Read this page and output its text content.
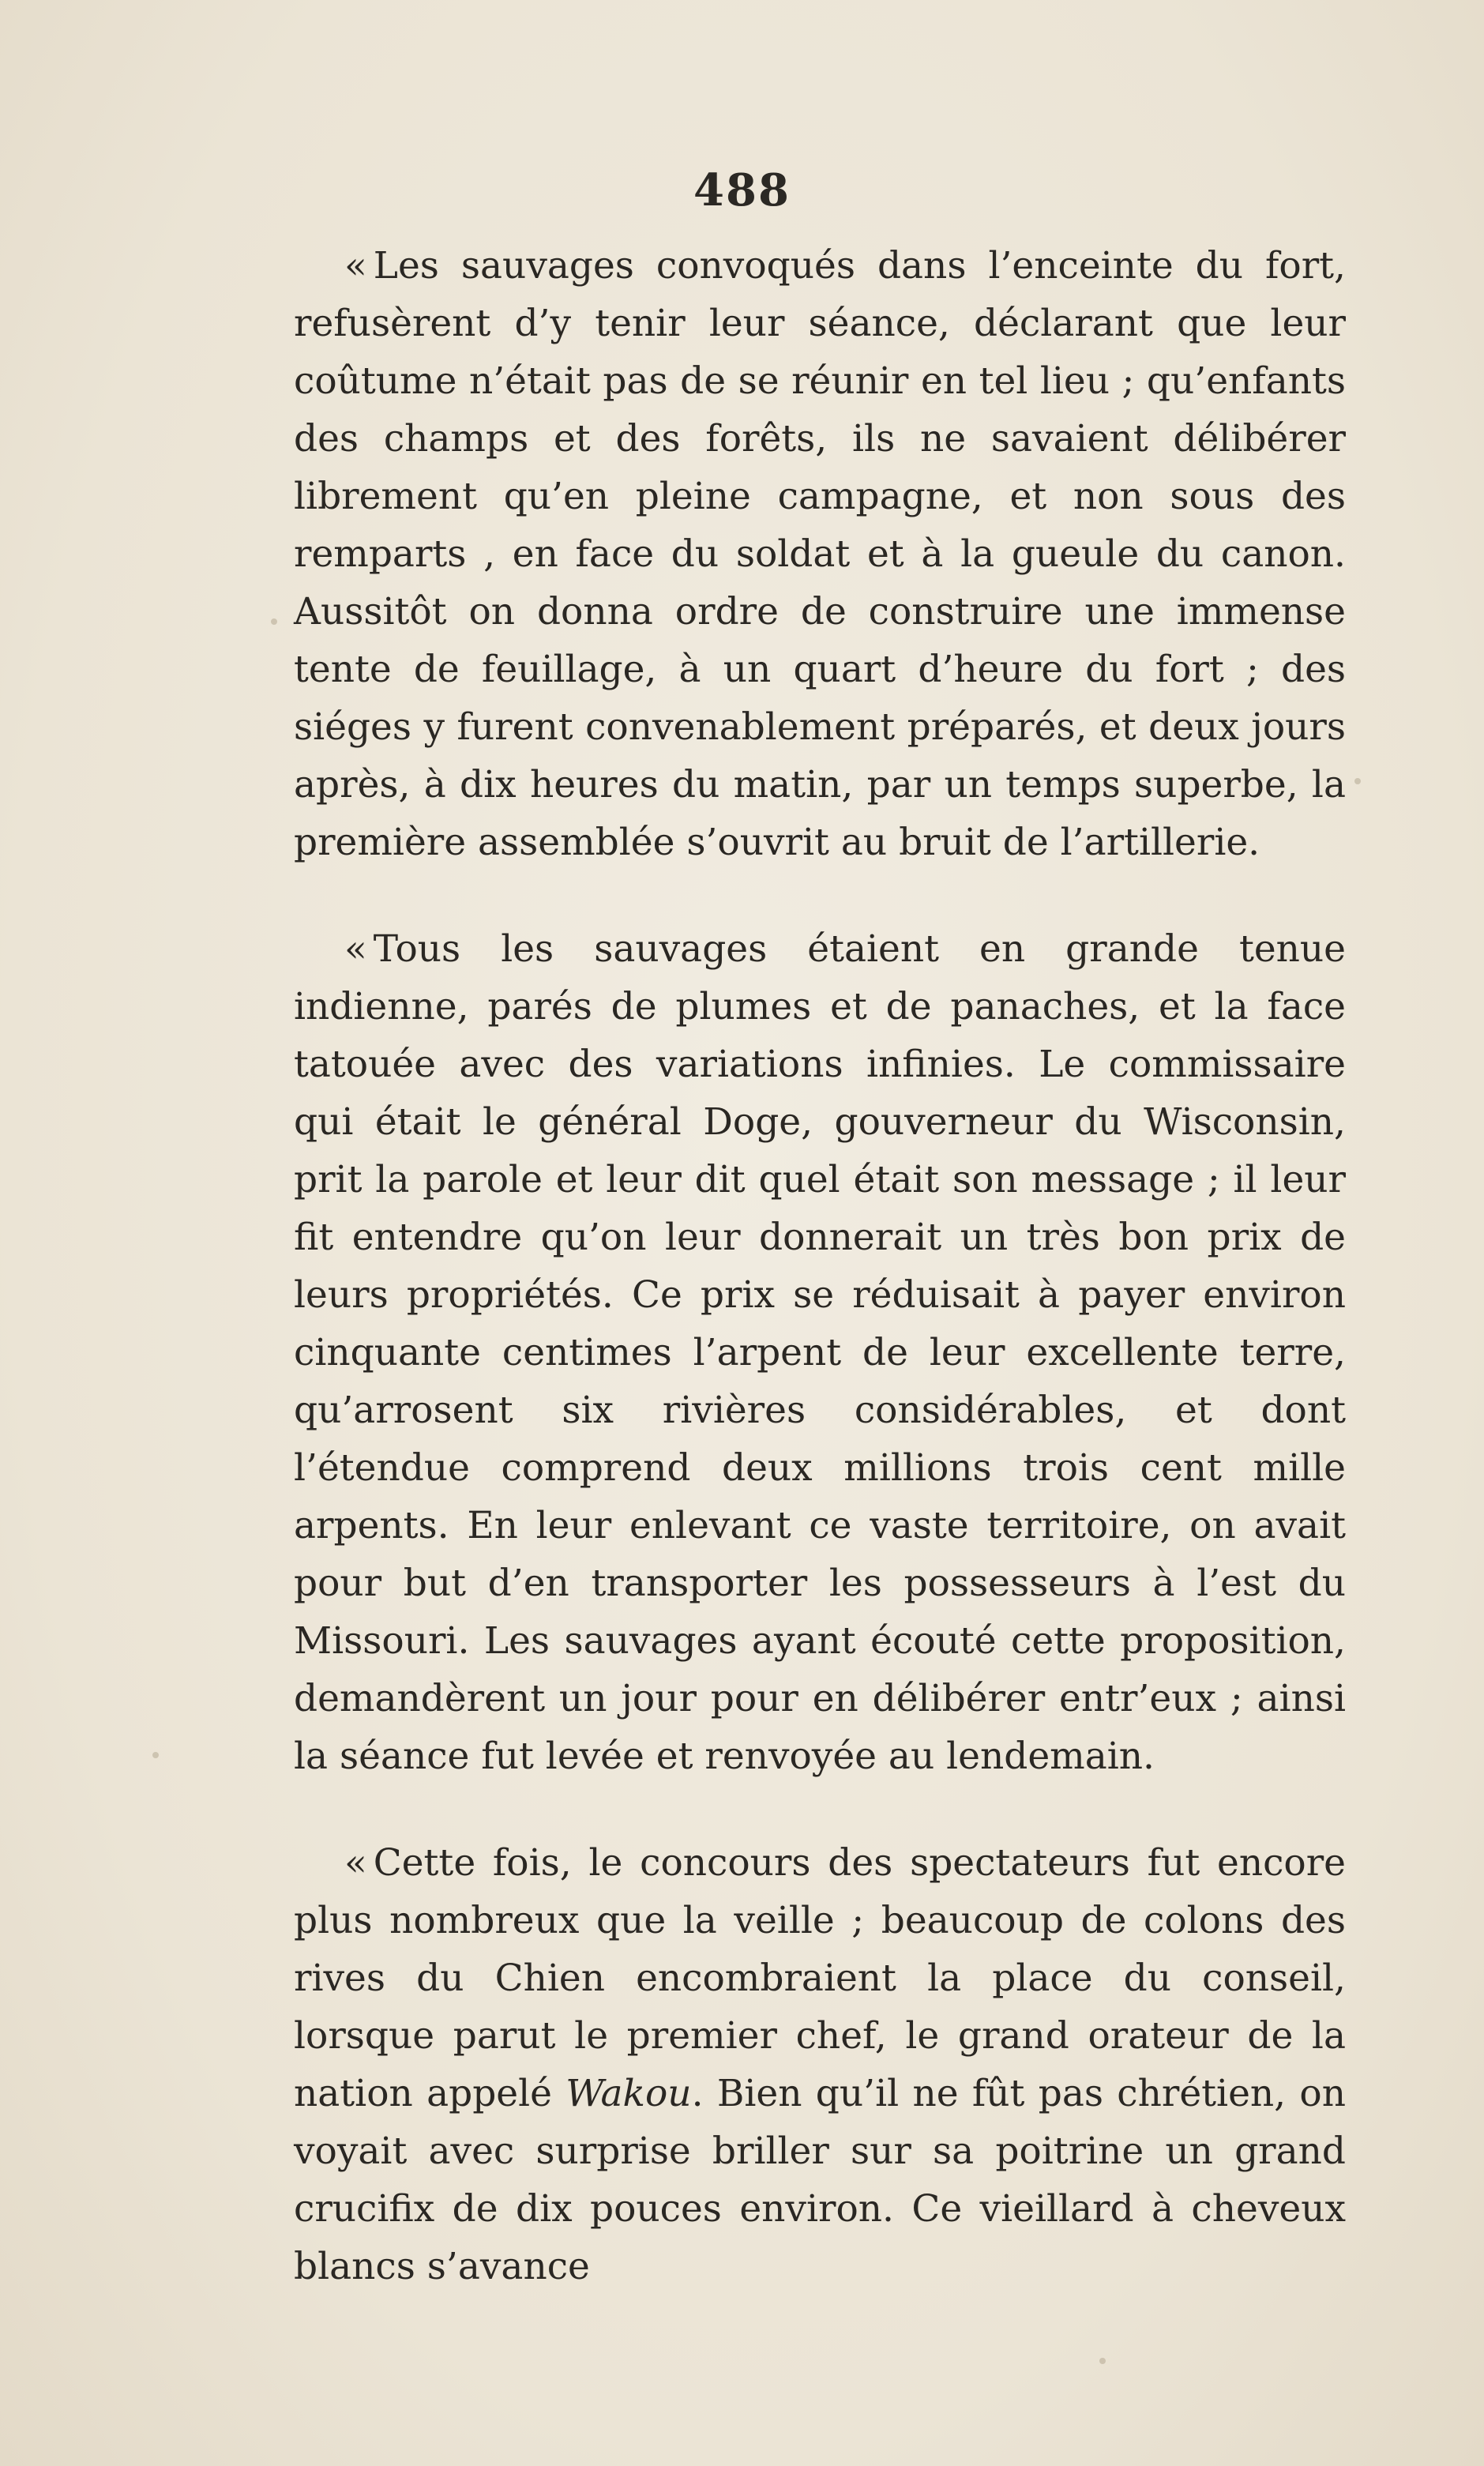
488

« Les sauvages convoqués dans l’enceinte du fort, refusèrent d’y tenir leur séance, déclarant que leur coûtume n’était pas de se réunir en tel lieu ; qu’enfants des champs et des forêts, ils ne savaient délibérer librement qu’en pleine campagne, et non sous des remparts , en face du soldat et à la gueule du canon. Aussitôt on donna ordre de construire une immense tente de feuillage, à un quart d’heure du fort ; des siéges y furent convenablement préparés, et deux jours après, à dix heures du matin, par un temps superbe, la première assemblée s’ouvrit au bruit de l’artillerie.

« Tous les sauvages étaient en grande tenue indienne, parés de plumes et de panaches, et la face tatouée avec des variations infinies. Le commissaire qui était le général Doge, gouverneur du Wisconsin, prit la parole et leur dit quel était son message ; il leur fit entendre qu’on leur donnerait un très bon prix de leurs propriétés. Ce prix se réduisait à payer environ cinquante centimes l’arpent de leur excellente terre, qu’arrosent six rivières considérables, et dont l’étendue comprend deux millions trois cent mille arpents. En leur enlevant ce vaste territoire, on avait pour but d’en transporter les possesseurs à l’est du Missouri. Les sauvages ayant écouté cette proposition, demandèrent un jour pour en délibérer entr’eux ; ainsi la séance fut levée et renvoyée au lendemain.

« Cette fois, le concours des spectateurs fut encore plus nombreux que la veille ; beaucoup de colons des rives du Chien encombraient la place du conseil, lorsque parut le premier chef, le grand orateur de la nation appelé Wakou. Bien qu’il ne fût pas chrétien, on voyait avec surprise briller sur sa poitrine un grand crucifix de dix pouces environ. Ce vieillard à cheveux blancs s’avance
